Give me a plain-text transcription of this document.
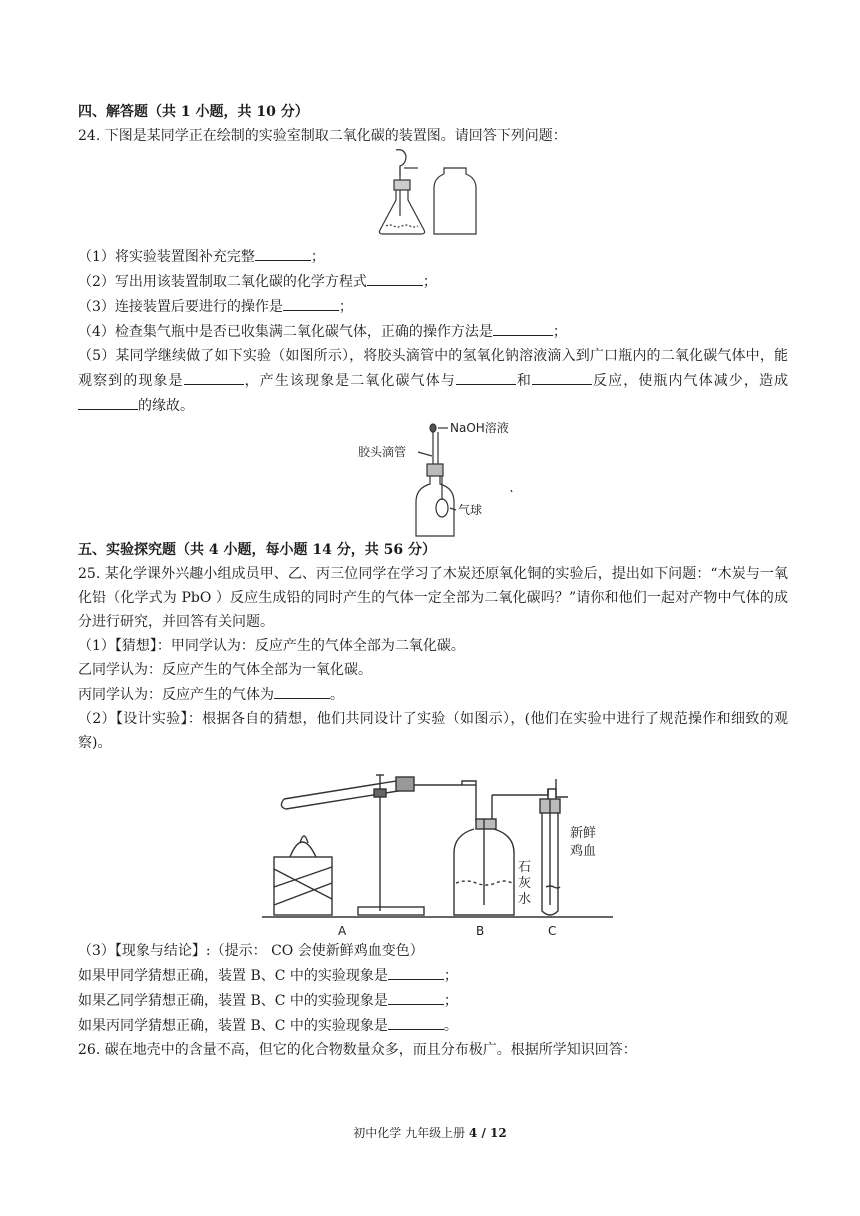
四、解答题（共 1 小题，共 10 分）
24. 下图是某同学正在绘制的实验室制取二氧化碳的装置图。请回答下列问题：
（1）将实验装置图补充完整	；
（2）写出用该装置制取二氧化碳的化学方程式	；
（3）连接装置后要进行的操作是	；
（4）检查集气瓶中是否已收集满二氧化碳气体，正确的操作方法是	；
（5）某同学继续做了如下实验（如图所示），将胶头滴管中的氢氧化钠溶液滴入到广口瓶内的二氧化碳气体中，能观察到的现象是	，产生该现象是二氧化碳气体与	和	反应，使瓶内气体减少，造成的缘故。
NaOH溶液
胶头滴管
气球
五、实验探究题（共 4 小题，每小题 14 分，共 56 分）
25. 某化学课外兴趣小组成员甲、乙、丙三位同学在学习了木炭还原氧化铜的实验后，提出如下问题：“木炭与一氧化铅（化学式为 PbO ）反应生成铅的同时产生的气体一定全部为二氧化碳吗？”请你和他们一起对产物中气体的成分进行研究，并回答有关问题。
（1）【猜想】：甲同学认为：反应产生的气体全部为二氧化碳。
乙同学认为：反应产生的气体全部为一氧化碳。
丙同学认为：反应产生的气体为	。
（2）【设计实验】：根据各自的猜想，他们共同设计了实验（如图示），(他们在实验中进行了规范操作和细致的观察)。
石 灰 水
新鲜 鸡血
A	B	C
（3）【现象与结论】:（提示： CO 会使新鲜鸡血变色）
如果甲同学猜想正确，装置 B、C 中的实验现象是	；
如果乙同学猜想正确，装置 B、C 中的实验现象是	；
如果丙同学猜想正确，装置 B、C 中的实验现象是	。
26. 碳在地壳中的含量不高，但它的化合物数量众多，而且分布极广。根据所学知识回答：
初中化学 九年级上册 4 / 12
